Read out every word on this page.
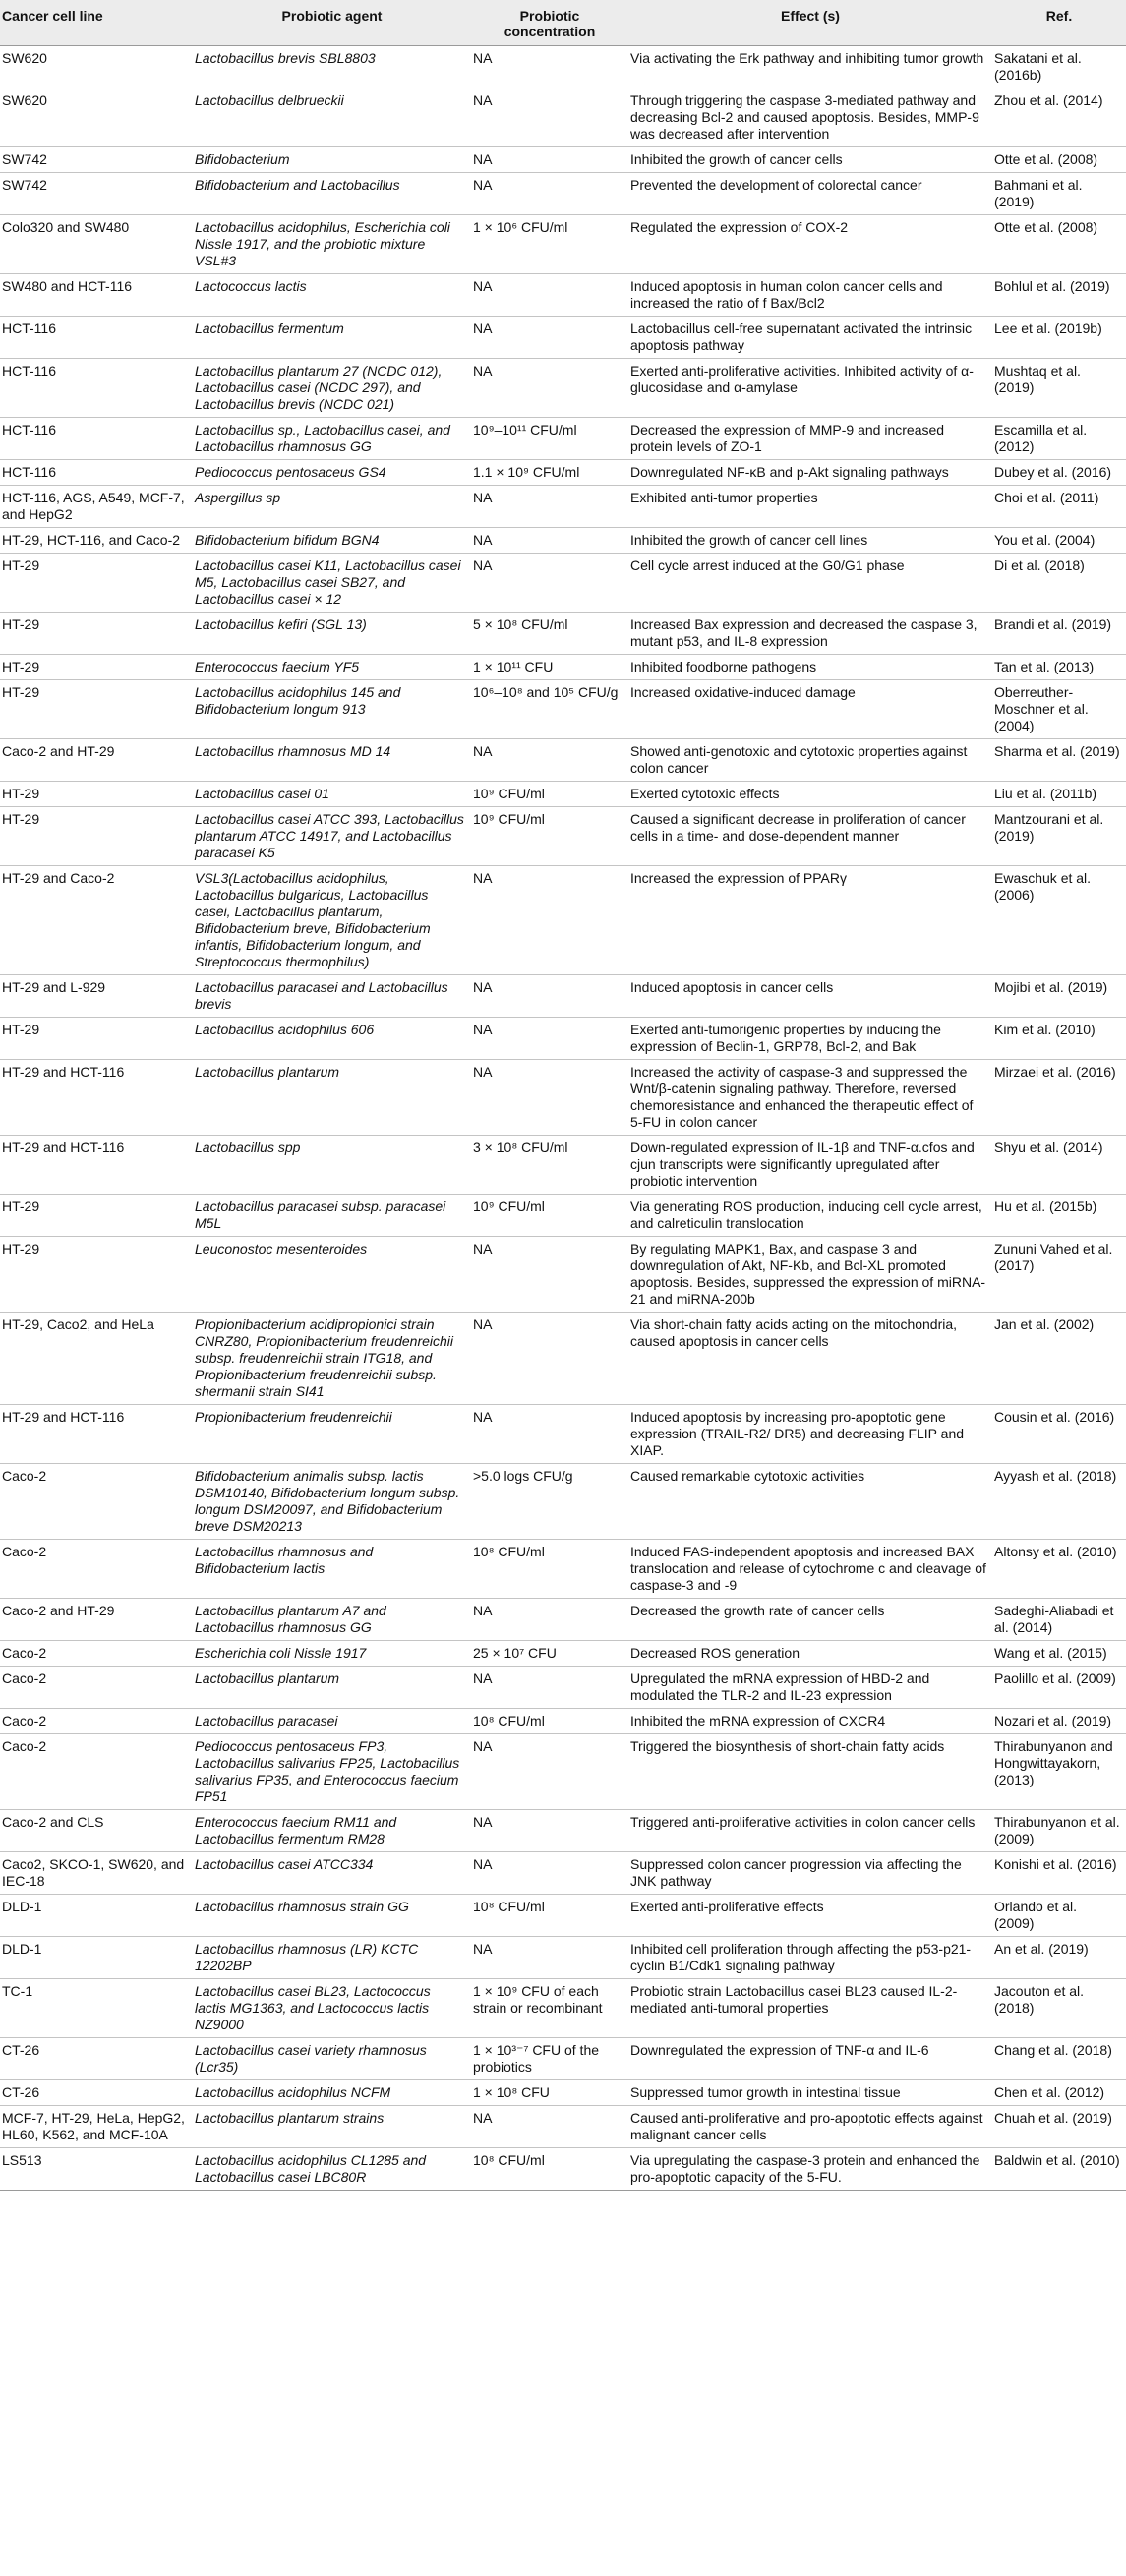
Cancer cell line	Probiotic agent	Probiotic concentration	Effect (s)	Ref.
SW620	Lactobacillus brevis SBL8803	NA	Via activating the Erk pathway and inhibiting tumor growth	Sakatani et al. (2016b)
SW620	Lactobacillus delbrueckii	NA	Through triggering the caspase 3-mediated pathway and decreasing Bcl-2 and caused apoptosis. Besides, MMP-9 was decreased after intervention	Zhou et al. (2014)
SW742	Bifidobacterium	NA	Inhibited the growth of cancer cells	Otte et al. (2008)
SW742	Bifidobacterium and Lactobacillus	NA	Prevented the development of colorectal cancer	Bahmani et al. (2019)
Colo320 and SW480	Lactobacillus acidophilus, Escherichia coli Nissle 1917, and the probiotic mixture VSL#3	1 × 10⁶ CFU/ml	Regulated the expression of COX-2	Otte et al. (2008)
SW480 and HCT-116	Lactococcus lactis	NA	Induced apoptosis in human colon cancer cells and increased the ratio of f Bax/Bcl2	Bohlul et al. (2019)
HCT-116	Lactobacillus fermentum	NA	Lactobacillus cell-free supernatant activated the intrinsic apoptosis pathway	Lee et al. (2019b)
HCT-116	Lactobacillus plantarum 27 (NCDC 012), Lactobacillus casei (NCDC 297), and Lactobacillus brevis (NCDC 021)	NA	Exerted anti-proliferative activities. Inhibited activity of α-glucosidase and α-amylase	Mushtaq et al. (2019)
HCT-116	Lactobacillus sp., Lactobacillus casei, and Lactobacillus rhamnosus GG	10⁹–10¹¹ CFU/ml	Decreased the expression of MMP-9 and increased protein levels of ZO-1	Escamilla et al. (2012)
HCT-116	Pediococcus pentosaceus GS4	1.1 × 10⁹ CFU/ml	Downregulated NF-κB and p-Akt signaling pathways	Dubey et al. (2016)
HCT-116, AGS, A549, MCF-7, and HepG2	Aspergillus sp	NA	Exhibited anti-tumor properties	Choi et al. (2011)
HT-29, HCT-116, and Caco-2	Bifidobacterium bifidum BGN4	NA	Inhibited the growth of cancer cell lines	You et al. (2004)
HT-29	Lactobacillus casei K11, Lactobacillus casei M5, Lactobacillus casei SB27, and Lactobacillus casei × 12	NA	Cell cycle arrest induced at the G0/G1 phase	Di et al. (2018)
HT-29	Lactobacillus kefiri (SGL 13)	5 × 10⁸ CFU/ml	Increased Bax expression and decreased the caspase 3, mutant p53, and IL-8 expression	Brandi et al. (2019)
HT-29	Enterococcus faecium YF5	1 × 10¹¹ CFU	Inhibited foodborne pathogens	Tan et al. (2013)
HT-29	Lactobacillus acidophilus 145 and Bifidobacterium longum 913	10⁶–10⁸ and 10⁵ CFU/g	Increased oxidative-induced damage	Oberreuther-Moschner et al. (2004)
Caco-2 and HT-29	Lactobacillus rhamnosus MD 14	NA	Showed anti-genotoxic and cytotoxic properties against colon cancer	Sharma et al. (2019)
HT-29	Lactobacillus casei 01	10⁹ CFU/ml	Exerted cytotoxic effects	Liu et al. (2011b)
HT-29	Lactobacillus casei ATCC 393, Lactobacillus plantarum ATCC 14917, and Lactobacillus paracasei K5	10⁹ CFU/ml	Caused a significant decrease in proliferation of cancer cells in a time- and dose-dependent manner	Mantzourani et al. (2019)
HT-29 and Caco-2	VSL3(Lactobacillus acidophilus, Lactobacillus bulgaricus, Lactobacillus casei, Lactobacillus plantarum, Bifidobacterium breve, Bifidobacterium infantis, Bifidobacterium longum, and Streptococcus thermophilus)	NA	Increased the expression of PPARγ	Ewaschuk et al. (2006)
HT-29 and L-929	Lactobacillus paracasei and Lactobacillus brevis	NA	Induced apoptosis in cancer cells	Mojibi et al. (2019)
HT-29	Lactobacillus acidophilus 606	NA	Exerted anti-tumorigenic properties by inducing the expression of Beclin-1, GRP78, Bcl-2, and Bak	Kim et al. (2010)
HT-29 and HCT-116	Lactobacillus plantarum	NA	Increased the activity of caspase-3 and suppressed the Wnt/β-catenin signaling pathway. Therefore, reversed chemoresistance and enhanced the therapeutic effect of 5-FU in colon cancer	Mirzaei et al. (2016)
HT-29 and HCT-116	Lactobacillus spp	3 × 10⁸ CFU/ml	Down-regulated expression of IL-1β and TNF-α.cfos and cjun transcripts were significantly upregulated after probiotic intervention	Shyu et al. (2014)
HT-29	Lactobacillus paracasei subsp. paracasei M5L	10⁹ CFU/ml	Via generating ROS production, inducing cell cycle arrest, and calreticulin translocation	Hu et al. (2015b)
HT-29	Leuconostoc mesenteroides	NA	By regulating MAPK1, Bax, and caspase 3 and downregulation of Akt, NF-Kb, and Bcl-XL promoted apoptosis. Besides, suppressed the expression of miRNA-21 and miRNA-200b	Zununi Vahed et al. (2017)
HT-29, Caco2, and HeLa	Propionibacterium acidipropionici strain CNRZ80, Propionibacterium freudenreichii subsp. freudenreichii strain ITG18, and Propionibacterium freudenreichii subsp. shermanii strain SI41	NA	Via short-chain fatty acids acting on the mitochondria, caused apoptosis in cancer cells	Jan et al. (2002)
HT-29 and HCT-116	Propionibacterium freudenreichii	NA	Induced apoptosis by increasing pro-apoptotic gene expression (TRAIL-R2/ DR5) and decreasing FLIP and XIAP.	Cousin et al. (2016)
Caco-2	Bifidobacterium animalis subsp. lactis DSM10140, Bifidobacterium longum subsp. longum DSM20097, and Bifidobacterium breve DSM20213	>5.0 logs CFU/g	Caused remarkable cytotoxic activities	Ayyash et al. (2018)
Caco-2	Lactobacillus rhamnosus and Bifidobacterium lactis	10⁸ CFU/ml	Induced FAS-independent apoptosis and increased BAX translocation and release of cytochrome c and cleavage of caspase-3 and -9	Altonsy et al. (2010)
Caco-2 and HT-29	Lactobacillus plantarum A7 and Lactobacillus rhamnosus GG	NA	Decreased the growth rate of cancer cells	Sadeghi-Aliabadi et al. (2014)
Caco-2	Escherichia coli Nissle 1917	25 × 10⁷ CFU	Decreased ROS generation	Wang et al. (2015)
Caco-2	Lactobacillus plantarum	NA	Upregulated the mRNA expression of HBD-2 and modulated the TLR-2 and IL-23 expression	Paolillo et al. (2009)
Caco-2	Lactobacillus paracasei	10⁸ CFU/ml	Inhibited the mRNA expression of CXCR4	Nozari et al. (2019)
Caco-2	Pediococcus pentosaceus FP3, Lactobacillus salivarius FP25, Lactobacillus salivarius FP35, and Enterococcus faecium FP51	NA	Triggered the biosynthesis of short-chain fatty acids	Thirabunyanon and Hongwittayakorn, (2013)
Caco-2 and CLS	Enterococcus faecium RM11 and Lactobacillus fermentum RM28	NA	Triggered anti-proliferative activities in colon cancer cells	Thirabunyanon et al. (2009)
Caco2, SKCO-1, SW620, and IEC-18	Lactobacillus casei ATCC334	NA	Suppressed colon cancer progression via affecting the JNK pathway	Konishi et al. (2016)
DLD-1	Lactobacillus rhamnosus strain GG	10⁸ CFU/ml	Exerted anti-proliferative effects	Orlando et al. (2009)
DLD-1	Lactobacillus rhamnosus (LR) KCTC 12202BP	NA	Inhibited cell proliferation through affecting the p53-p21-cyclin B1/Cdk1 signaling pathway	An et al. (2019)
TC-1	Lactobacillus casei BL23, Lactococcus lactis MG1363, and Lactococcus lactis NZ9000	1 × 10⁹ CFU of each strain or recombinant	Probiotic strain Lactobacillus casei BL23 caused IL-2-mediated anti-tumoral properties	Jacouton et al. (2018)
CT-26	Lactobacillus casei variety rhamnosus (Lcr35)	1 × 10³⁻⁷ CFU of the probiotics	Downregulated the expression of TNF-α and IL-6	Chang et al. (2018)
CT-26	Lactobacillus acidophilus NCFM	1 × 10⁸ CFU	Suppressed tumor growth in intestinal tissue	Chen et al. (2012)
MCF-7, HT-29, HeLa, HepG2, HL60, K562, and MCF-10A	Lactobacillus plantarum strains	NA	Caused anti-proliferative and pro-apoptotic effects against malignant cancer cells	Chuah et al. (2019)
LS513	Lactobacillus acidophilus CL1285 and Lactobacillus casei LBC80R	10⁸ CFU/ml	Via upregulating the caspase-3 protein and enhanced the pro-apoptotic capacity of the 5-FU.	Baldwin et al. (2010)
